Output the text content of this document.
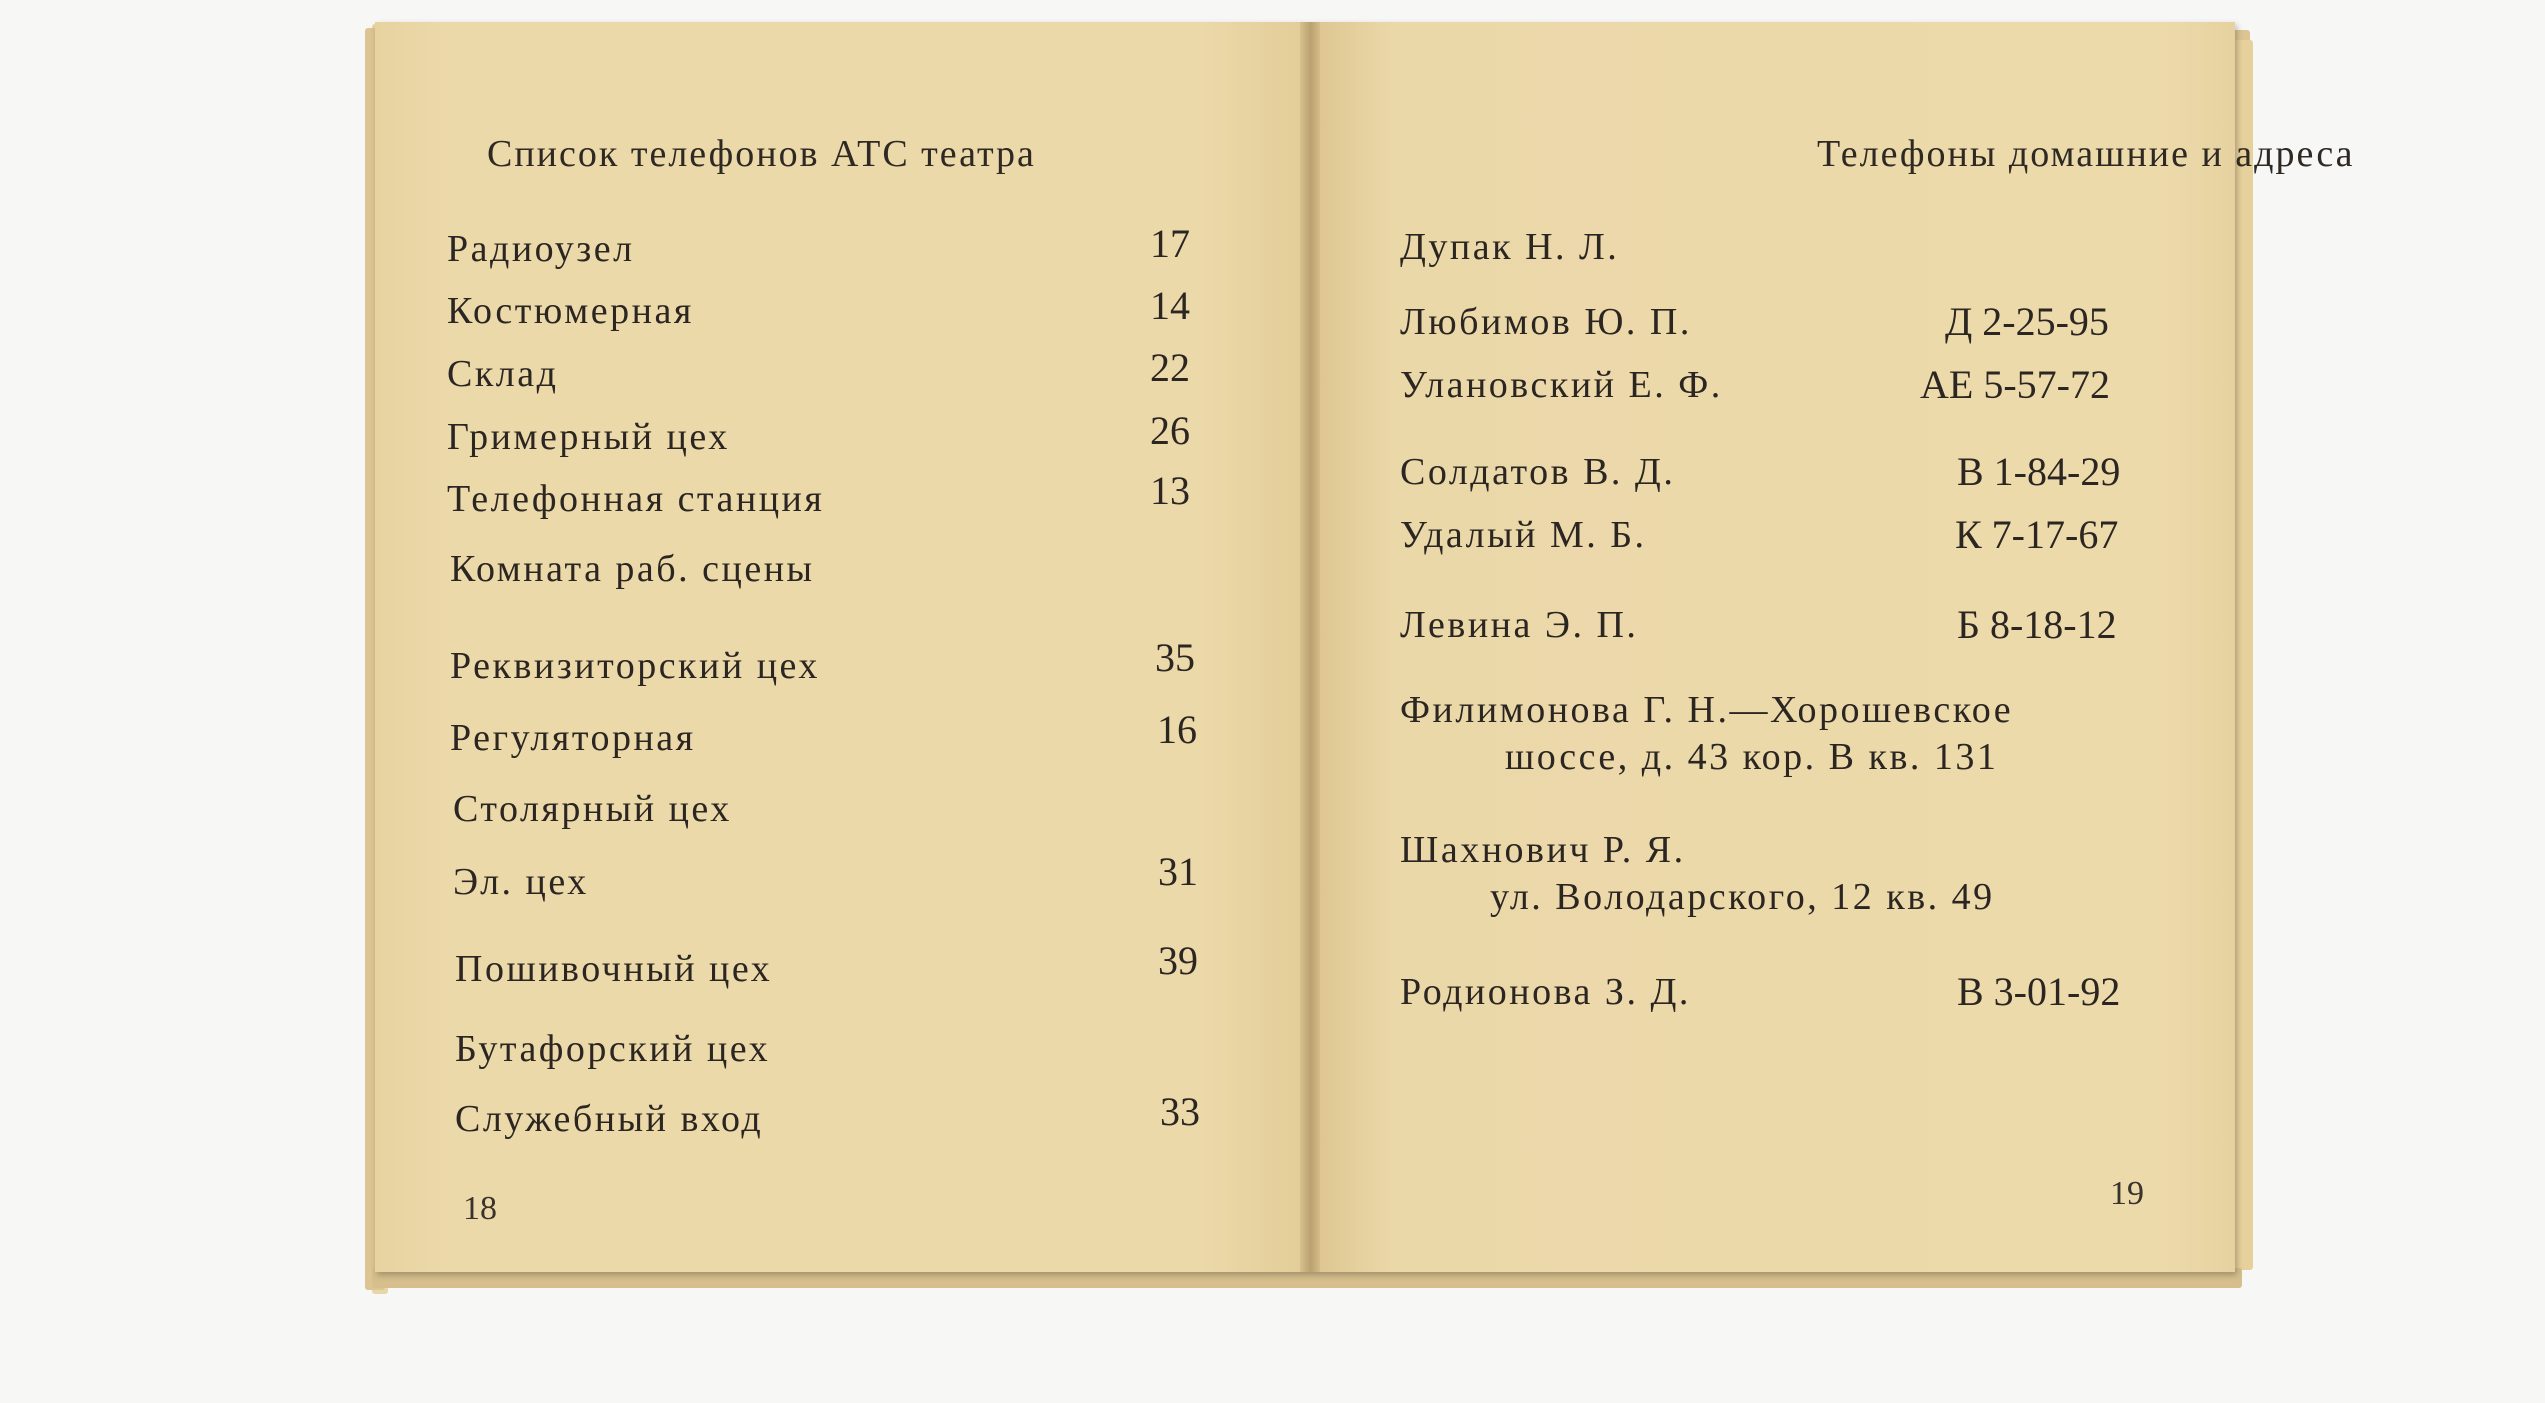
Список телефонов АТС театра
Радиоузел	17
Костюмерная	14
Склад	22
Гримерный цех	26
Телефонная станция	13
Комната раб. сцены
Реквизиторский цех	35
Регуляторная	16
Столярный цех
Эл. цех	31
Пошивочный цех	39
Бутафорский цех
Служебный вход	33
18
Телефоны домашние и адреса
Дупак Н. Л.
Любимов Ю. П.	Д 2-25-95
Улановский Е. Ф.	АЕ 5-57-72
Солдатов В. Д.	В 1-84-29
Удалый М. Б.	К 7-17-67
Левина Э. П.	Б 8-18-12
Филимонова Г. Н.—Хорошевское
шоссе, д. 43 кор. В кв. 131
Шахнович Р. Я.
ул. Володарского, 12 кв. 49
Родионова З. Д.	В 3-01-92
19
